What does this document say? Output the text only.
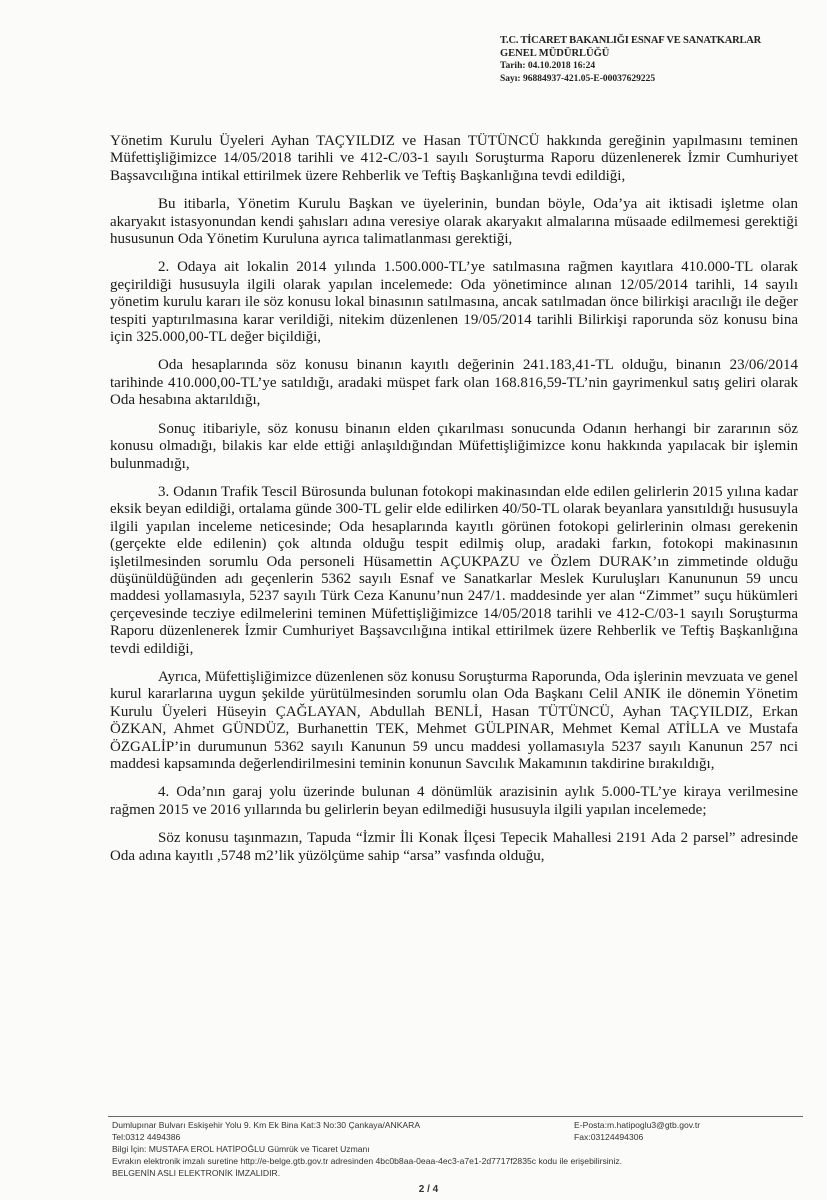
T.C. TİCARET BAKANLIĞI ESNAF VE SANATKARLAR
GENEL MÜDÜRLÜĞÜ
Tarih: 04.10.2018 16:24
Sayı: 96884937-421.05-E-00037629225

Yönetim Kurulu Üyeleri Ayhan TAÇYILDIZ ve Hasan TÜTÜNCÜ hakkında gereğinin yapılmasını teminen Müfettişliğimizce 14/05/2018 tarihli ve 412-C/03-1 sayılı Soruşturma Raporu düzenlenerek İzmir Cumhuriyet Başsavcılığına intikal ettirilmek üzere Rehberlik ve Teftiş Başkanlığına tevdi edildiği,

Bu itibarla, Yönetim Kurulu Başkan ve üyelerinin, bundan böyle, Oda’ya ait iktisadi işletme olan akaryakıt istasyonundan kendi şahısları adına veresiye olarak akaryakıt almalarına müsaade edilmemesi gerektiği hususunun Oda Yönetim Kuruluna ayrıca talimatlanması gerektiği,

2. Odaya ait lokalin 2014 yılında 1.500.000-TL’ye satılmasına rağmen kayıtlara 410.000-TL olarak geçirildiği hususuyla ilgili olarak yapılan incelemede: Oda yönetimince alınan 12/05/2014 tarihli, 14 sayılı yönetim kurulu kararı ile söz konusu lokal binasının satılmasına, ancak satılmadan önce bilirkişi aracılığı ile değer tespiti yaptırılmasına karar verildiği, nitekim düzenlenen 19/05/2014 tarihli Bilirkişi raporunda söz konusu bina için 325.000,00-TL değer biçildiği,

Oda hesaplarında söz konusu binanın kayıtlı değerinin 241.183,41-TL olduğu, binanın 23/06/2014 tarihinde 410.000,00-TL’ye satıldığı, aradaki müspet fark olan 168.816,59-TL’nin gayrimenkul satış geliri olarak Oda hesabına aktarıldığı,

Sonuç itibariyle, söz konusu binanın elden çıkarılması sonucunda Odanın herhangi bir zararının söz konusu olmadığı, bilakis kar elde ettiği anlaşıldığından Müfettişliğimizce konu hakkında yapılacak bir işlemin bulunmadığı,

3. Odanın Trafik Tescil Bürosunda bulunan fotokopi makinasından elde edilen gelirlerin 2015 yılına kadar eksik beyan edildiği, ortalama günde 300-TL gelir elde edilirken 40/50-TL olarak beyanlara yansıtıldığı hususuyla ilgili yapılan inceleme neticesinde; Oda hesaplarında kayıtlı görünen fotokopi gelirlerinin olması gerekenin (gerçekte elde edilenin) çok altında olduğu tespit edilmiş olup, aradaki farkın, fotokopi makinasının işletilmesinden sorumlu Oda personeli Hüsamettin AÇUKPAZU ve Özlem DURAK’ın zimmetinde olduğu düşünüldüğünden adı geçenlerin 5362 sayılı Esnaf ve Sanatkarlar Meslek Kuruluşları Kanununun 59 uncu maddesi yollamasıyla, 5237 sayılı Türk Ceza Kanunu’nun 247/1. maddesinde yer alan “Zimmet” suçu hükümleri çerçevesinde tecziye edilmelerini teminen Müfettişliğimizce 14/05/2018 tarihli ve 412-C/03-1 sayılı Soruşturma Raporu düzenlenerek İzmir Cumhuriyet Başsavcılığına intikal ettirilmek üzere Rehberlik ve Teftiş Başkanlığına tevdi edildiği,

Ayrıca, Müfettişliğimizce düzenlenen söz konusu Soruşturma Raporunda, Oda işlerinin mevzuata ve genel kurul kararlarına uygun şekilde yürütülmesinden sorumlu olan Oda Başkanı Celil ANIK ile dönemin Yönetim Kurulu Üyeleri Hüseyin ÇAĞLAYAN, Abdullah BENLİ, Hasan TÜTÜNCÜ, Ayhan TAÇYILDIZ, Erkan ÖZKAN, Ahmet GÜNDÜZ, Burhanettin TEK, Mehmet GÜLPINAR, Mehmet Kemal ATİLLA ve Mustafa ÖZGALİP’in durumunun 5362 sayılı Kanunun 59 uncu maddesi yollamasıyla 5237 sayılı Kanunun 257 nci maddesi kapsamında değerlendirilmesini teminin konunun Savcılık Makamının takdirine bırakıldığı,

4. Oda’nın garaj yolu üzerinde bulunan 4 dönümlük arazisinin aylık 5.000-TL’ye kiraya verilmesine rağmen 2015 ve 2016 yıllarında bu gelirlerin beyan edilmediği hususuyla ilgili yapılan incelemede;

Söz konusu taşınmazın, Tapuda “İzmir İli Konak İlçesi Tepecik Mahallesi 2191 Ada 2 parsel” adresinde Oda adına kayıtlı ,5748 m2’lik yüzölçüme sahip “arsa” vasfında olduğu,

Dumlupınar Bulvarı Eskişehir Yolu 9. Km Ek Bina Kat:3 No:30 Çankaya/ANKARA	E-Posta:m.hatipoglu3@gtb.gov.tr
Tel:0312 4494386	Fax:03124494306
Bilgi İçin: MUSTAFA EROL HATİPOĞLU Gümrük ve Ticaret Uzmanı
Evrakın elektronik imzalı suretine http://e-belge.gtb.gov.tr adresinden 4bc0b8aa-0eaa-4ec3-a7e1-2d7717f2835c kodu ile erişebilirsiniz.
BELGENİN ASLI ELEKTRONİK İMZALIDIR.
2 / 4
